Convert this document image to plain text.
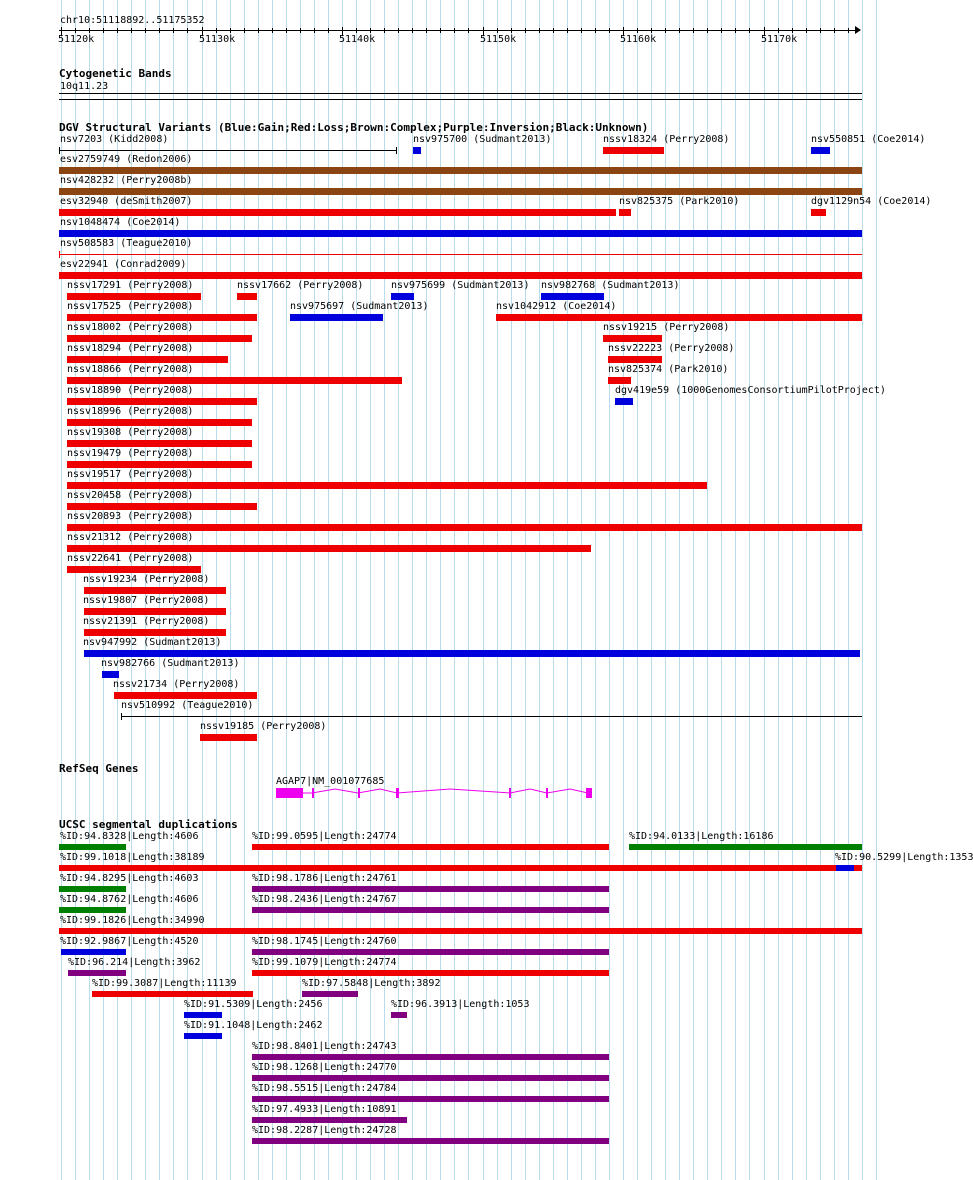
chr10:51118892..51175352
51120k	51130k	51140k	51150k	51160k	51170k
Cytogenetic Bands
10q11.23
DGV Structural Variants (Blue:Gain;Red:Loss;Brown:Complex;Purple:Inversion;Black:Unknown)
nsv7203 (Kidd2008)	nsv975700 (Sudmant2013)	nssv18324 (Perry2008)	nsv550851 (Coe2014)
esv2759749 (Redon2006)
nsv428232 (Perry2008b)
esv32940 (deSmith2007)	nsv825375 (Park2010)	dgv1129n54 (Coe2014)
nsv1048474 (Coe2014)
nsv508583 (Teague2010)
esv22941 (Conrad2009)
nssv17291 (Perry2008)	nssv17662 (Perry2008)	nsv975699 (Sudmant2013) nsv982768 (Sudmant2013)
nssv17525 (Perry2008)	nsv975697 (Sudmant2013)	nsv1042912 (Coe2014)
nssv18002 (Perry2008)	nssv19215 (Perry2008)
nssv18294 (Perry2008)	nssv22223 (Perry2008)
nssv18866 (Perry2008)	nsv825374 (Park2010)
nssv18890 (Perry2008)	dgv419e59 (1000GenomesConsortiumPilotProject)
nssv18996 (Perry2008)
nssv19308 (Perry2008)
nssv19479 (Perry2008)
nssv19517 (Perry2008)
nssv20458 (Perry2008)
nssv20893 (Perry2008)
nssv21312 (Perry2008)
nssv22641 (Perry2008)
nssv19234 (Perry2008)
nssv19807 (Perry2008)
nssv21391 (Perry2008)
nsv947992 (Sudmant2013)
nsv982766 (Sudmant2013)
nssv21734 (Perry2008)
nsv510992 (Teague2010)
nssv19185 (Perry2008)
RefSeq Genes
AGAP7|NM_001077685
UCSC segmental duplications
%ID:94.8328|Length:4606	%ID:99.0595|Length:24774	%ID:94.0133|Length:16186
%ID:99.1018|Length:38189	%ID:90.5299|Length:1353
%ID:94.8295|Length:4603	%ID:98.1786|Length:24761
%ID:94.8762|Length:4606	%ID:98.2436|Length:24767
%ID:99.1826|Length:34990
%ID:92.9867|Length:4520	%ID:98.1745|Length:24760
%ID:96.214|Length:3962	%ID:99.1079|Length:24774
%ID:99.3087|Length:11139	%ID:97.5848|Length:3892
%ID:91.5309|Length:2456	%ID:96.3913|Length:1053
%ID:91.1048|Length:2462
%ID:98.8401|Length:24743
%ID:98.1268|Length:24770
%ID:98.5515|Length:24784
%ID:97.4933|Length:10891
%ID:98.2287|Length:24728
